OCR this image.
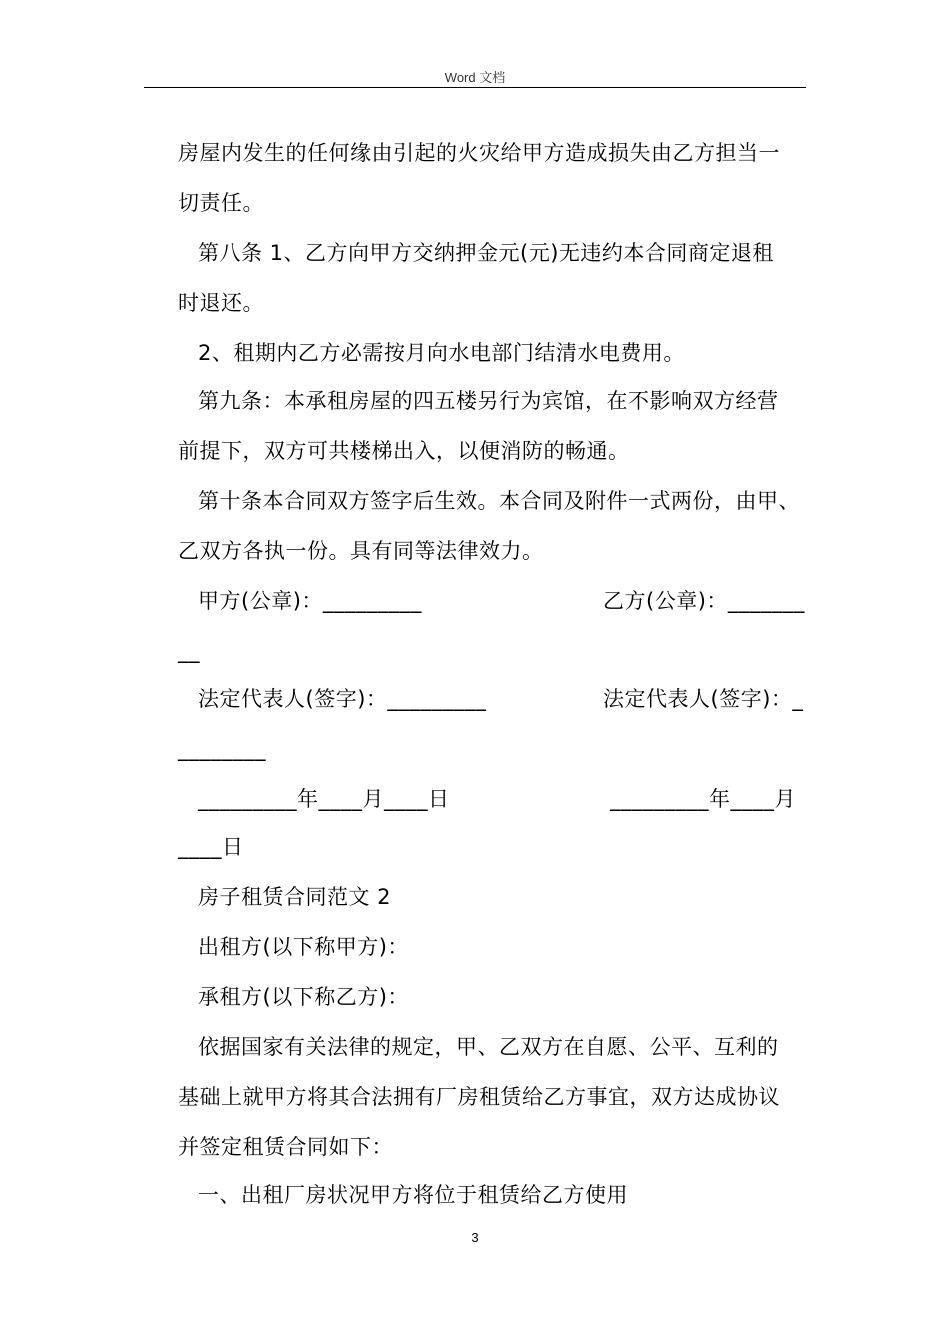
Word 文档
房屋内发生的任何缘由引起的火灾给甲方造成损失由乙方担当一
切责任。
第八条 1、乙方向甲方交纳押金元(元)无违约本合同商定退租
时退还。
2、租期内乙方必需按月向水电部门结清水电费用。
第九条：本承租房屋的四五楼另行为宾馆，在不影响双方经营
前提下，双方可共楼梯出入，以便消防的畅通。
第十条本合同双方签字后生效。本合同及附件一式两份，由甲、
乙双方各执一份。具有同等法律效力。
甲方(公章)：_________	乙方(公章)：_______
__
法定代表人(签字)：_________	法定代表人(签字)：_
________
_________年____月____日	_________年____月
____日
房子租赁合同范文 2
出租方(以下称甲方)：
承租方(以下称乙方)：
依据国家有关法律的规定，甲、乙双方在自愿、公平、互利的
基础上就甲方将其合法拥有厂房租赁给乙方事宜，双方达成协议
并签定租赁合同如下：
一、出租厂房状况甲方将位于租赁给乙方使用
3
